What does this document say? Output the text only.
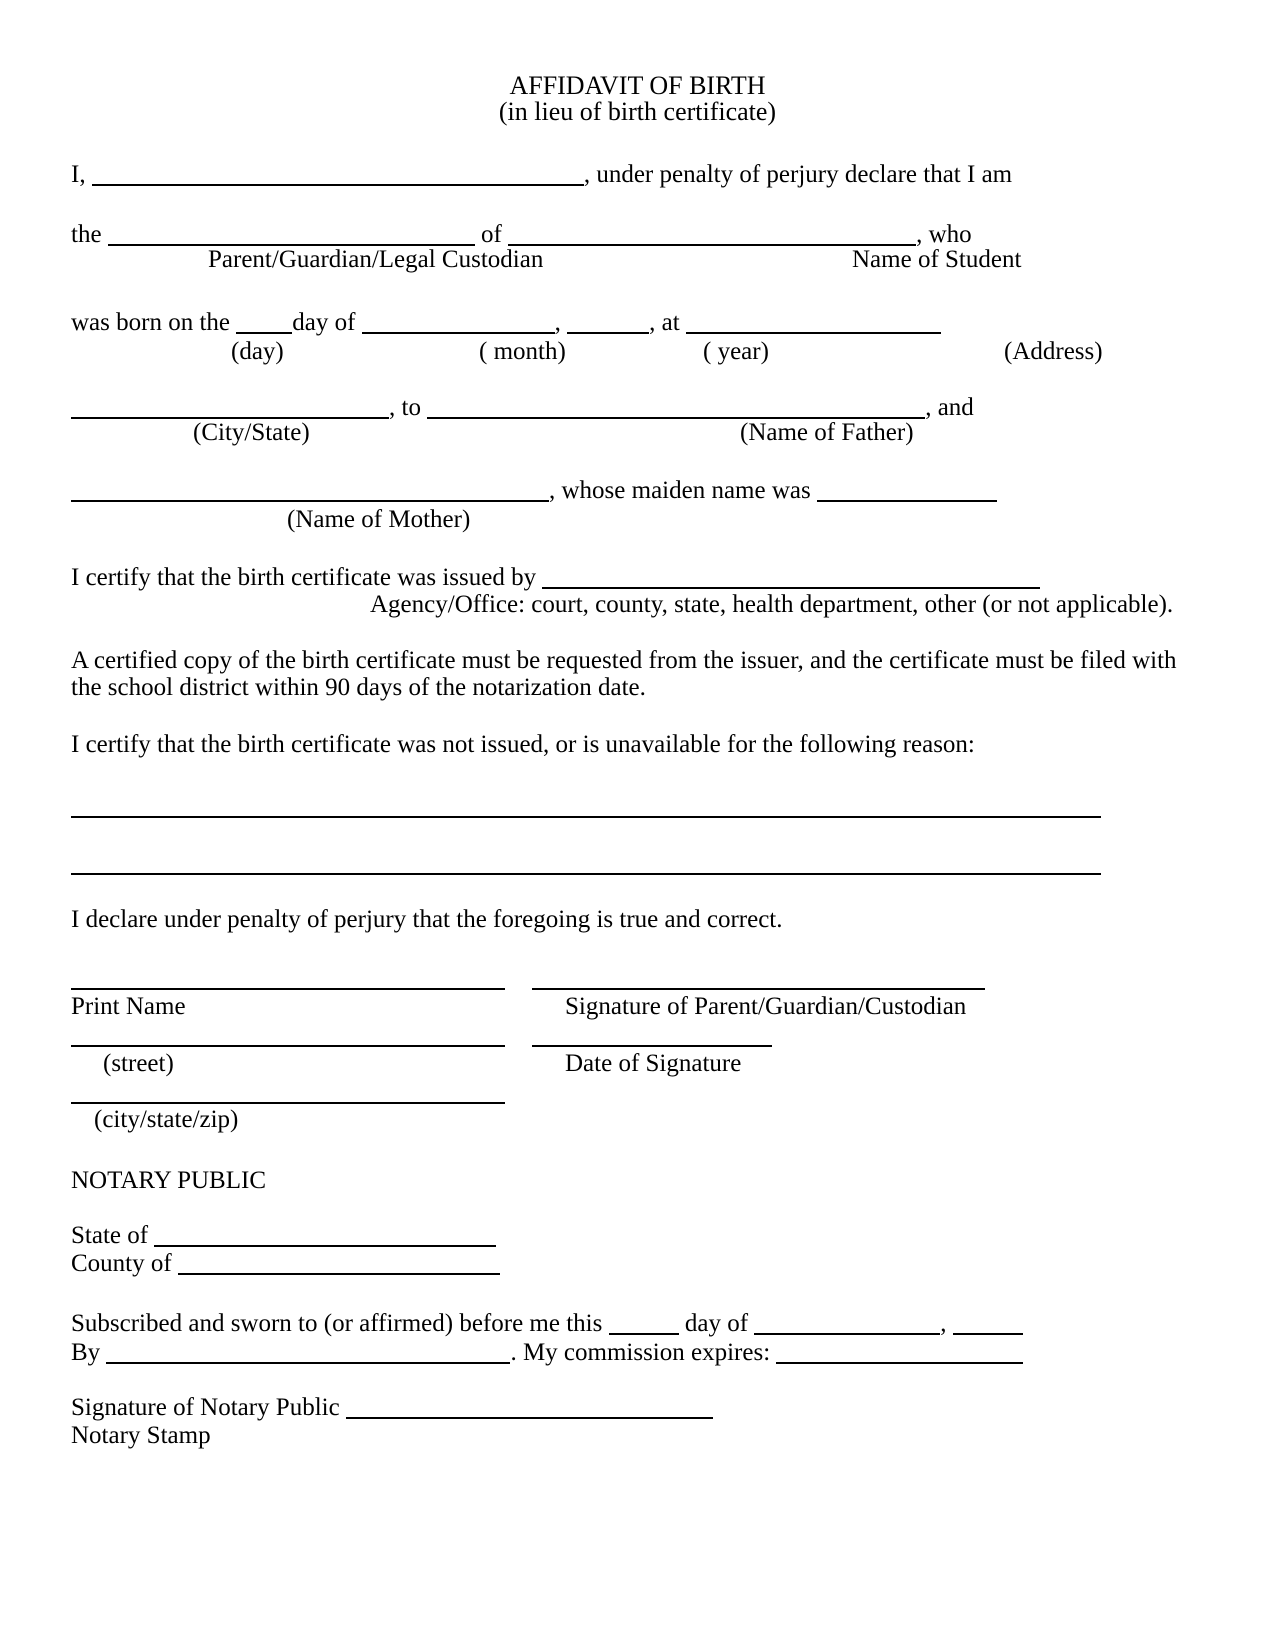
AFFIDAVIT OF BIRTH
(in lieu of birth certificate)
I,	, under penalty of perjury declare that I am
the	of	, who
Parent/Guardian/Legal Custodian	Name of Student
was born on the day of	,	, at
(day)	( month)	( year)	(Address)
, to	, and
(City/State)	(Name of Father)
, whose maiden name was
(Name of Mother)
I certify that the birth certificate was issued by
Agency/Office: court, county, state, health department, other (or not applicable).
A certified copy of the birth certificate must be requested from the issuer, and the certificate must be filed with
the school district within 90 days of the notarization date.
I certify that the birth certificate was not issued, or is unavailable for the following reason:
I declare under penalty of perjury that the foregoing is true and correct.
Print Name	Signature of Parent/Guardian/Custodian
(street)	Date of Signature
(city/state/zip)
NOTARY PUBLIC
State of
County of
Subscribed and sworn to (or affirmed) before me this	day of	,
By	. My commission expires:
Signature of Notary Public
Notary Stamp
